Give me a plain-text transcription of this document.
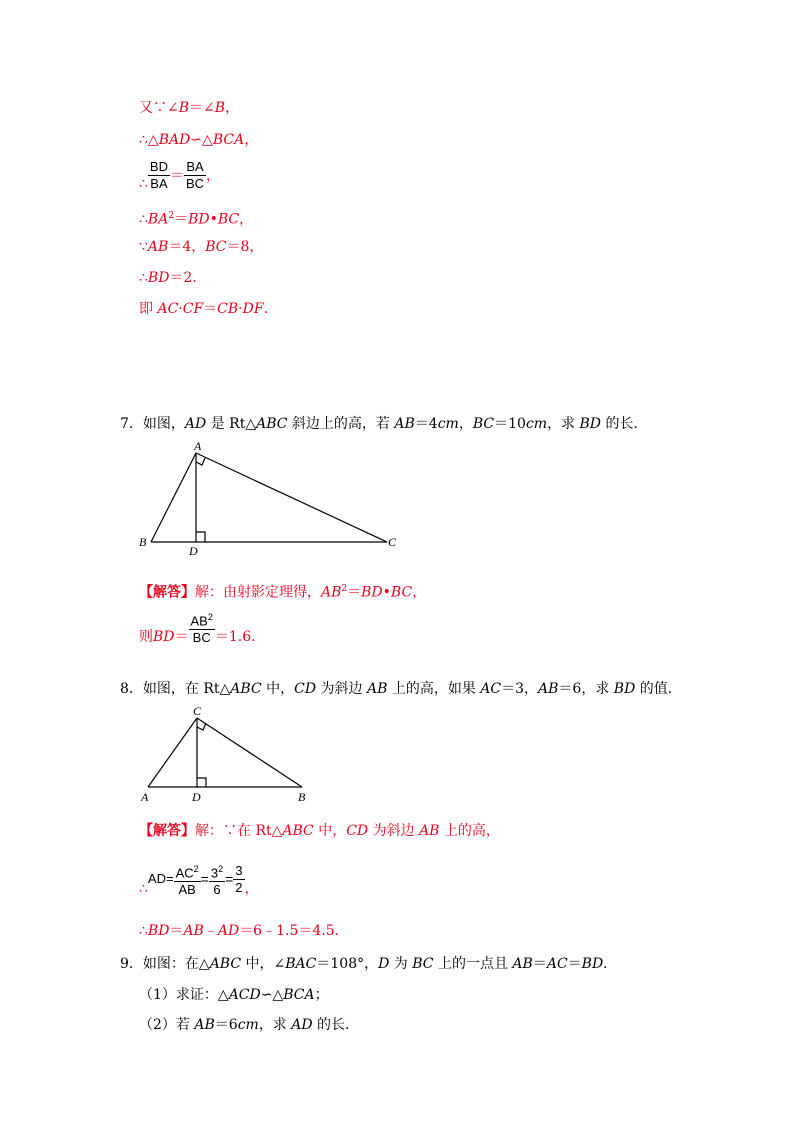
又∵∠B＝∠B，
∴△BAD∽△BCA，
∴ $\frac{BD}{BA} = \frac{BA}{BC}$ ，
$\therefore BA^2=BD•BC$，
∵AB＝4，BC＝8，
∴BD＝2．
即 AC·CF＝CB·DF．
7．如图，AD 是 Rt△ABC 斜边上的高，若 AB＝4cm，BC＝10cm，求 BD 的长．
A
B	C
D
【解答】解：由射影定理得，$AB^2=BD•BC$，
则$BD= \frac{AB^2}{BC} =1.6$．
8．如图，在 Rt△ABC 中，CD 为斜边 AB 上的高，如果 AC＝3，AB＝6，求 BD 的值．
C
A	B
D
【解答】解：∵在 Rt△ABC 中，CD 为斜边 AB 上的高，
∴AD= $\frac{AC^2}{AB} = \frac{3^2}{6} = \frac{3}{2}$ ，
∴BD＝AB﹣AD＝6﹣1.5＝4.5．
9．如图：在△ABC 中，∠BAC＝108°，D 为 BC 上的一点且 AB＝AC＝BD．
（1）求证：△ACD∽△BCA；
（2）若 AB＝6cm，求 AD 的长．
